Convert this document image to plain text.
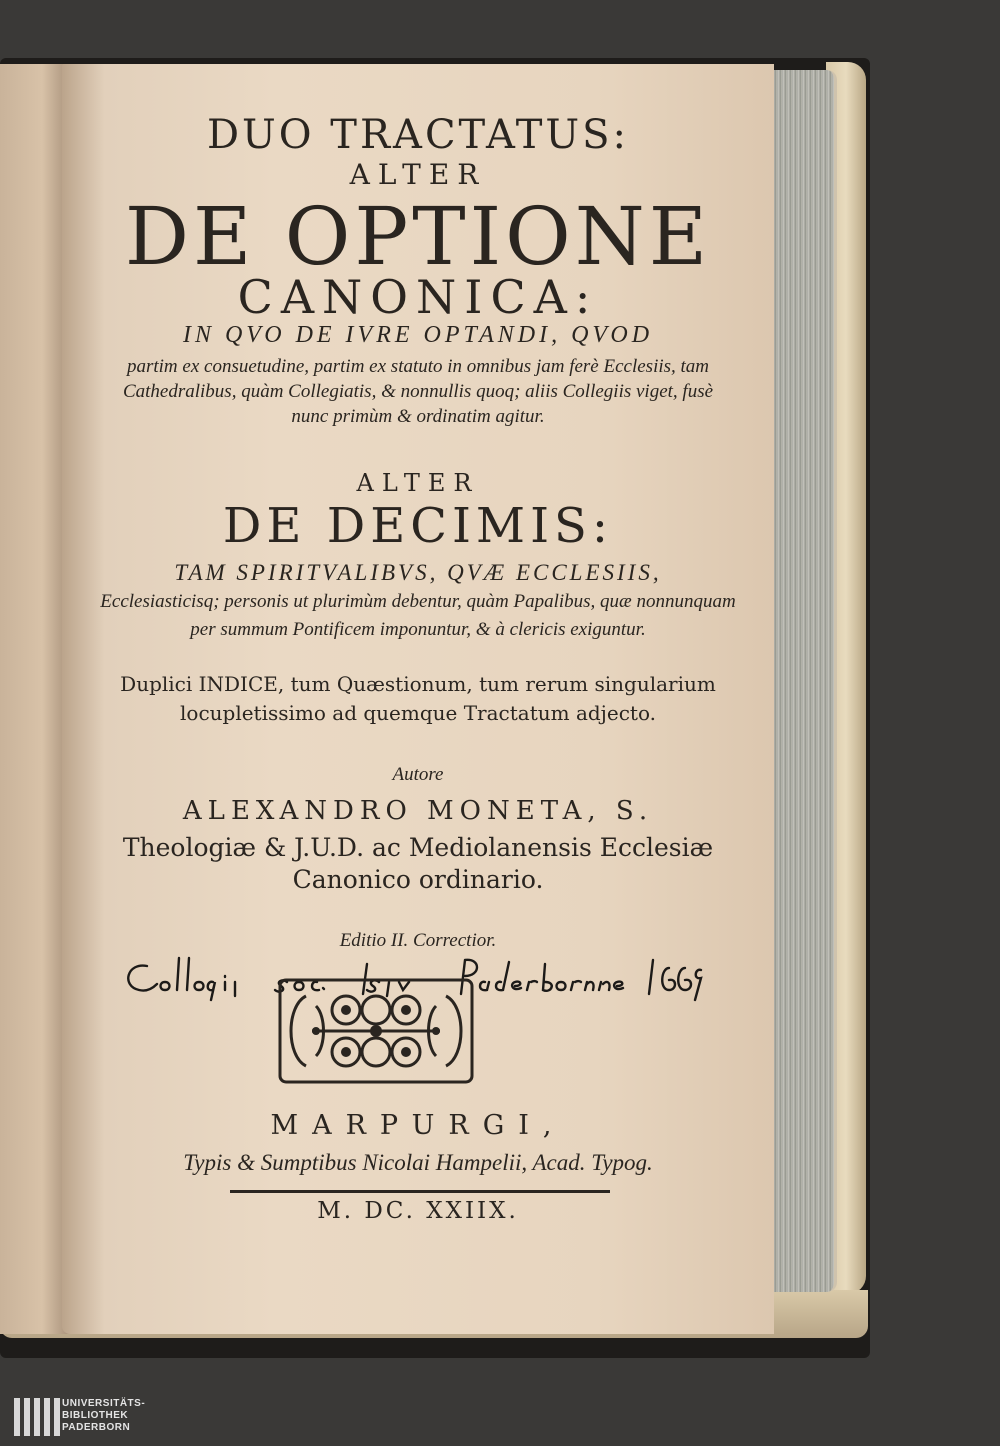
DUO TRACTATUS:
ALTER
DE OPTIONE
CANONICA:
IN QVO DE IVRE OPTANDI, QVOD
partim ex consuetudine, partim ex statuto in omnibus jam ferè Ecclesiis, tam Cathedralibus, quàm Collegiatis, & nonnullis quoq; aliis Collegiis viget, fusè nunc primùm & ordinatim agitur.
ALTER
DE DECIMIS:
TAM SPIRITVALIBVS, QVÆ ECCLESIIS,
Ecclesiasticisq; personis ut plurimùm debentur, quàm Papalibus, quæ nonnunquam per summum Pontificem imponuntur, & à clericis exiguntur.
Duplici INDICE, tum Quæstionum, tum rerum singularium locupletissimo ad quemque Tractatum adjecto.
Autore
ALEXANDRO MONETA, S.
Theologiæ & J.U.D. ac Mediolanensis Ecclesiæ Canonico ordinario.
Editio II. Correctior.
MARPURGI,
Typis & Sumptibus Nicolai Hampelii, Acad. Typog.
M. DC. XXIIX.
UNIVERSITÄTS-
BIBLIOTHEK
PADERBORN
